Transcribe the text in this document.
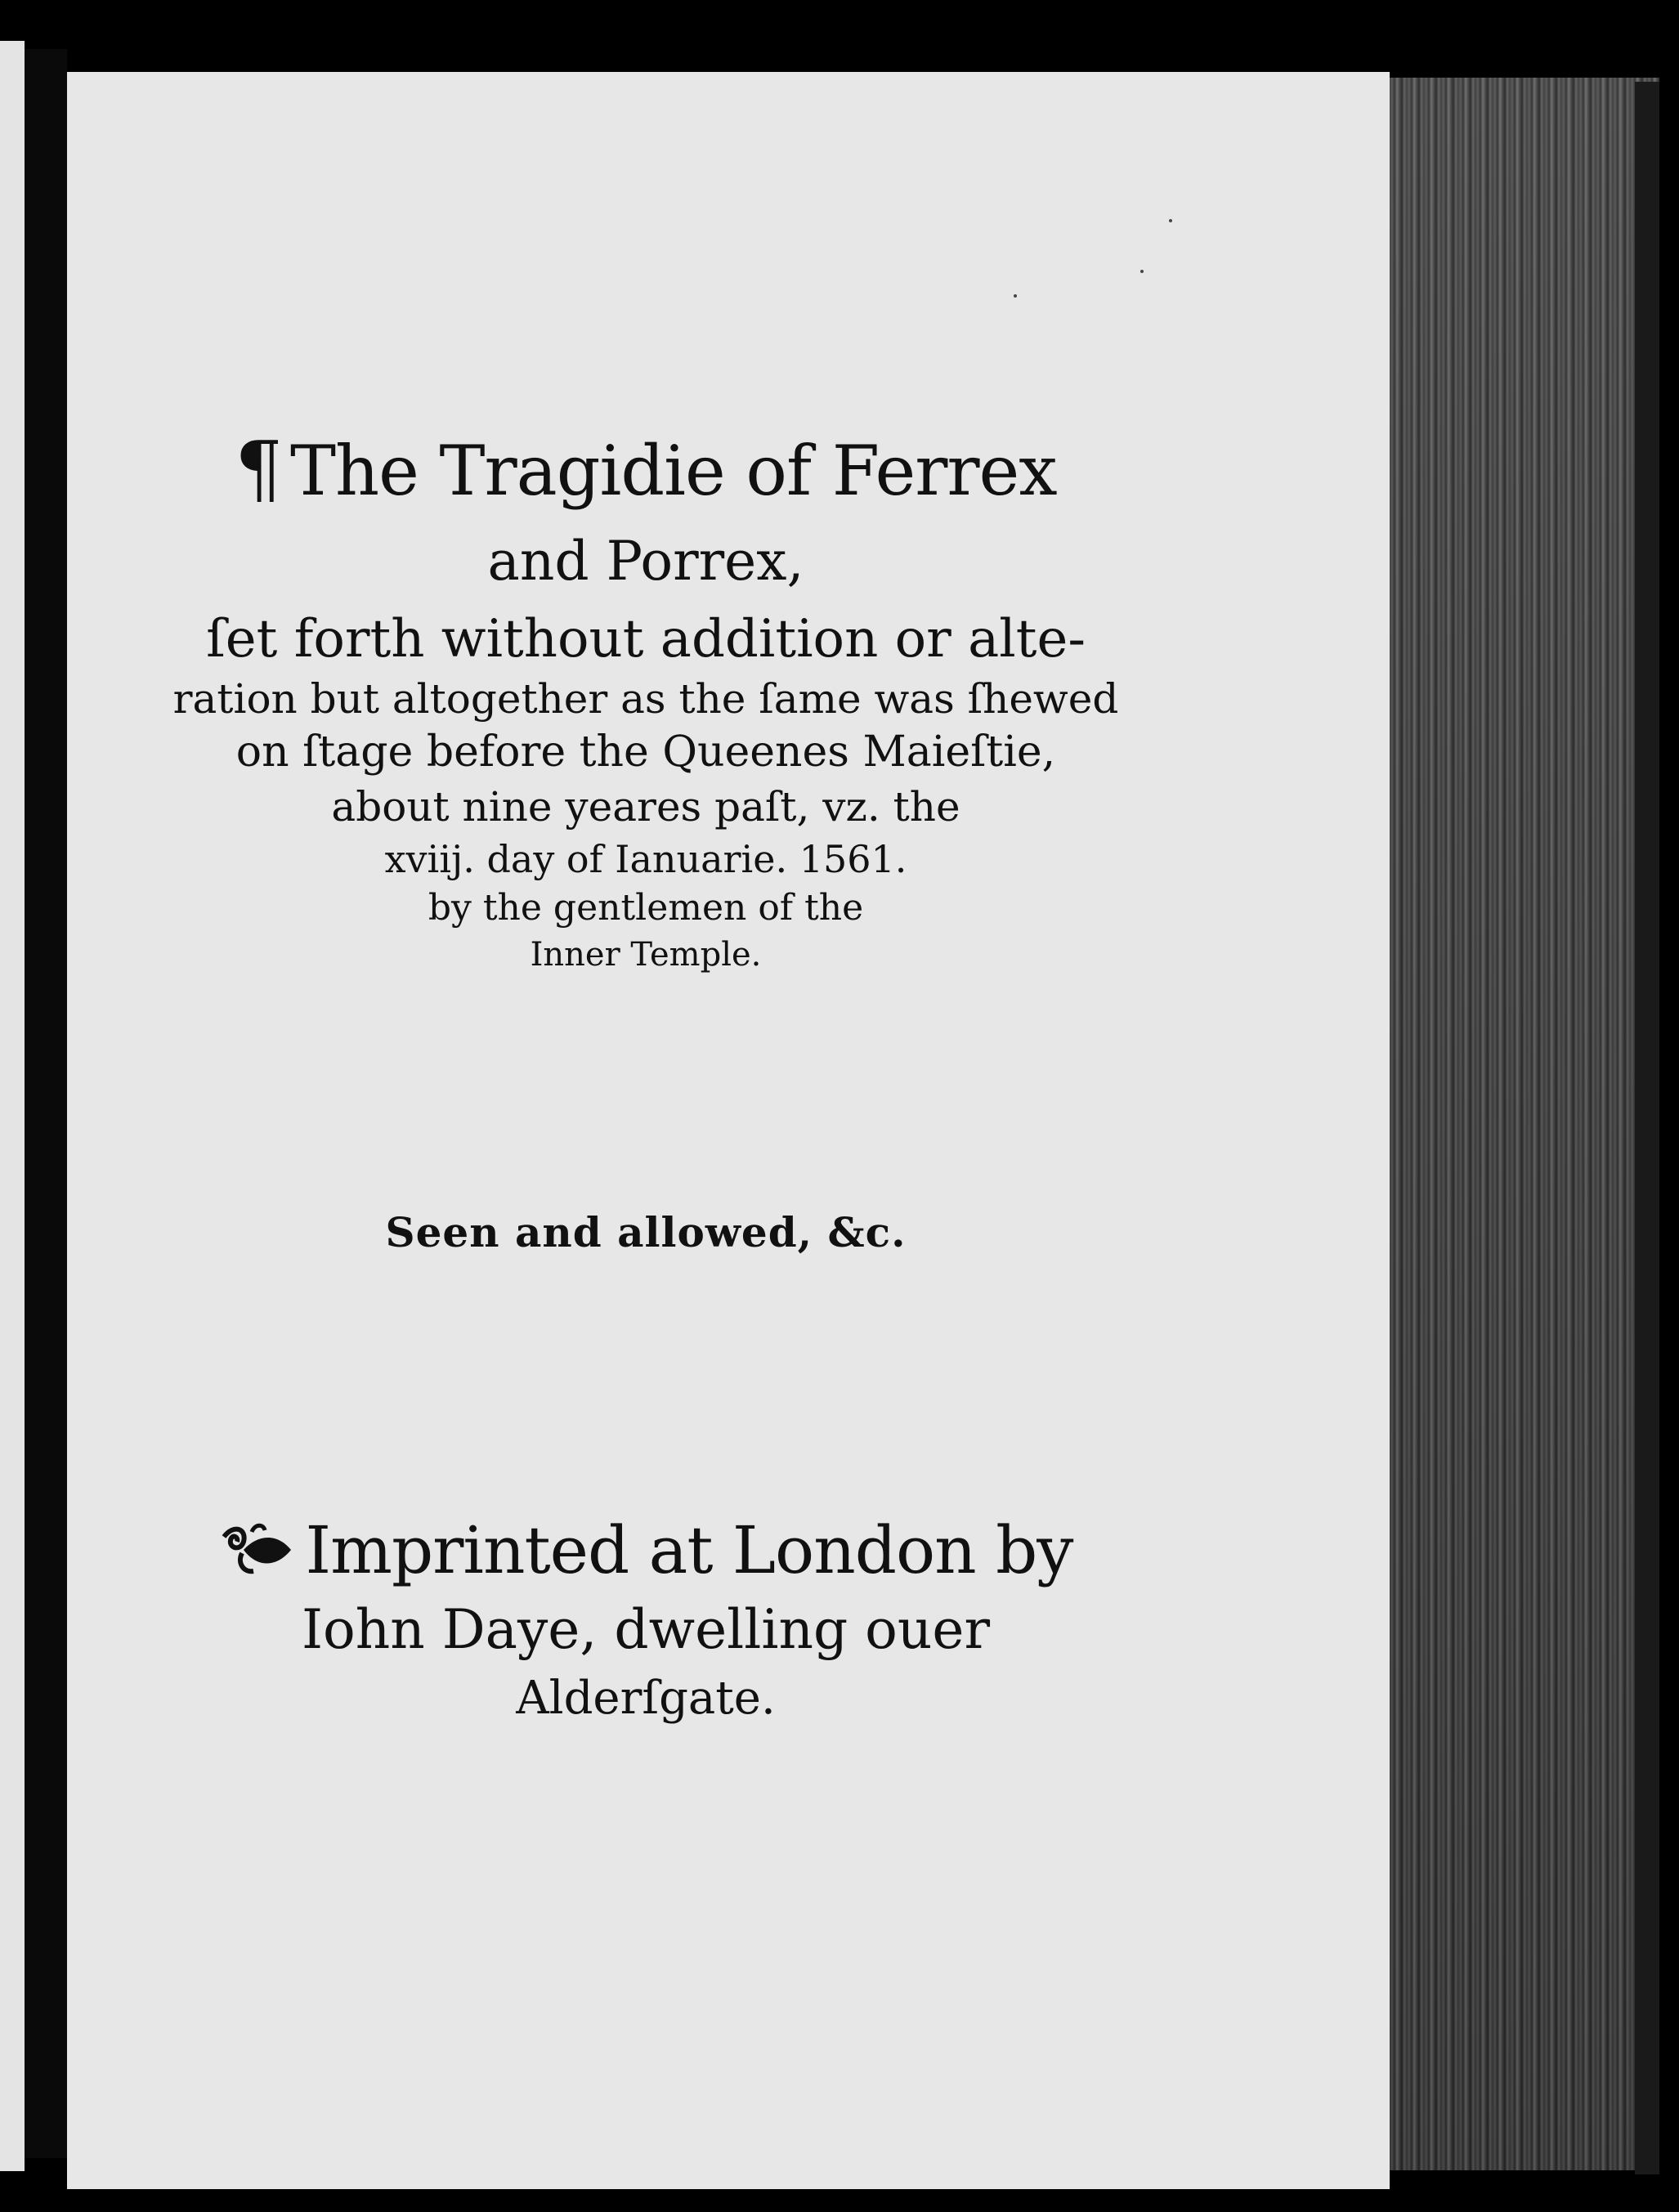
¶ The Tragidie of Ferrex
and Porrex,
ſet forth without addition or alte-
ration but altogether as the ſame was ſhewed
on ſtage before the Queenes Maieſtie,
about nine yeares paſt, vz. the
xviij. day of Ianuarie. 1561.
by the gentlemen of the
Inner Temple.
Seen and allowed, &c.
Imprinted at London by
Iohn Daye, dwelling ouer
Alderſgate.
